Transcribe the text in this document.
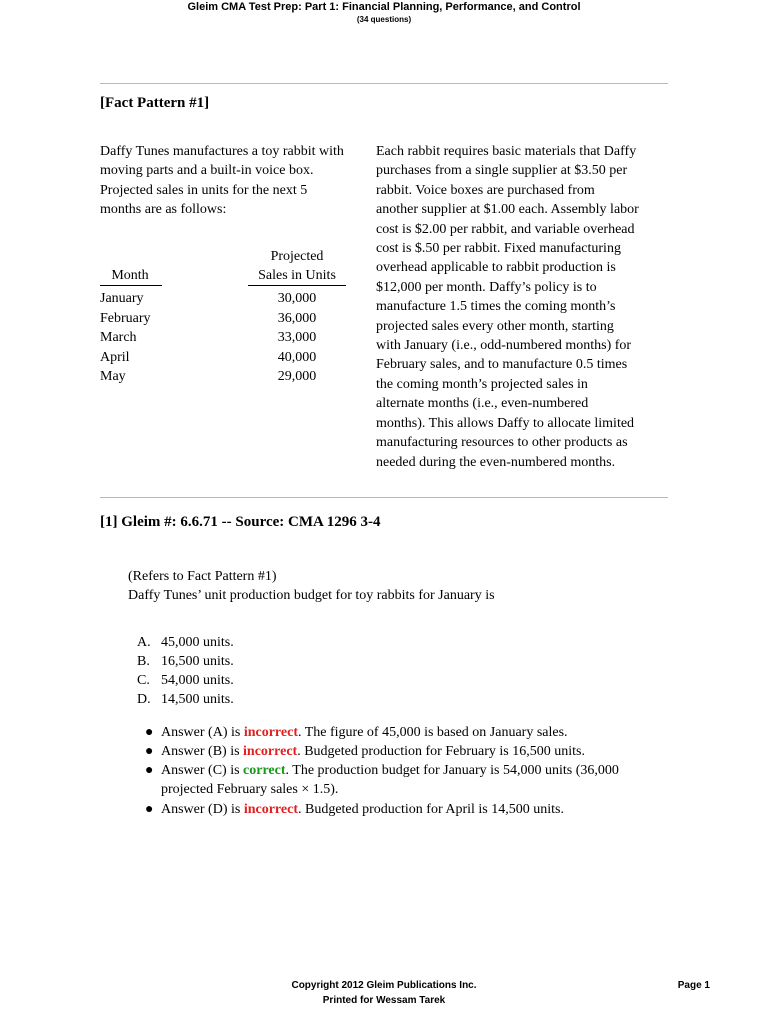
Gleim CMA Test Prep: Part 1: Financial Planning, Performance, and Control
(34 questions)
[Fact Pattern #1]
Daffy Tunes manufactures a toy rabbit with
moving parts and a built-in voice box.
Projected sales in units for the next 5
months are as follows:
Month
Projected
Sales in Units
January
February
March
April
May
30,000
36,000
33,000
40,000
29,000
Each rabbit requires basic materials that Daffy
purchases from a single supplier at $3.50 per
rabbit. Voice boxes are purchased from
another supplier at $1.00 each. Assembly labor
cost is $2.00 per rabbit, and variable overhead
cost is $.50 per rabbit. Fixed manufacturing
overhead applicable to rabbit production is
$12,000 per month. Daffy’s policy is to
manufacture 1.5 times the coming month’s
projected sales every other month, starting
with January (i.e., odd-numbered months) for
February sales, and to manufacture 0.5 times
the coming month’s projected sales in
alternate months (i.e., even-numbered
months). This allows Daffy to allocate limited
manufacturing resources to other products as
needed during the even-numbered months.
[1] Gleim #: 6.6.71 -- Source: CMA 1296 3-4
(Refers to Fact Pattern #1)
Daffy Tunes’ unit production budget for toy rabbits for January is
A. 45,000 units.
B. 16,500 units.
C. 54,000 units.
D. 14,500 units.
● Answer (A) is incorrect. The figure of 45,000 is based on January sales.
● Answer (B) is incorrect. Budgeted production for February is 16,500 units.
● Answer (C) is correct. The production budget for January is 54,000 units (36,000
projected February sales × 1.5).
● Answer (D) is incorrect. Budgeted production for April is 14,500 units.
Copyright 2012 Gleim Publications Inc.
Printed for Wessam Tarek
Page 1
